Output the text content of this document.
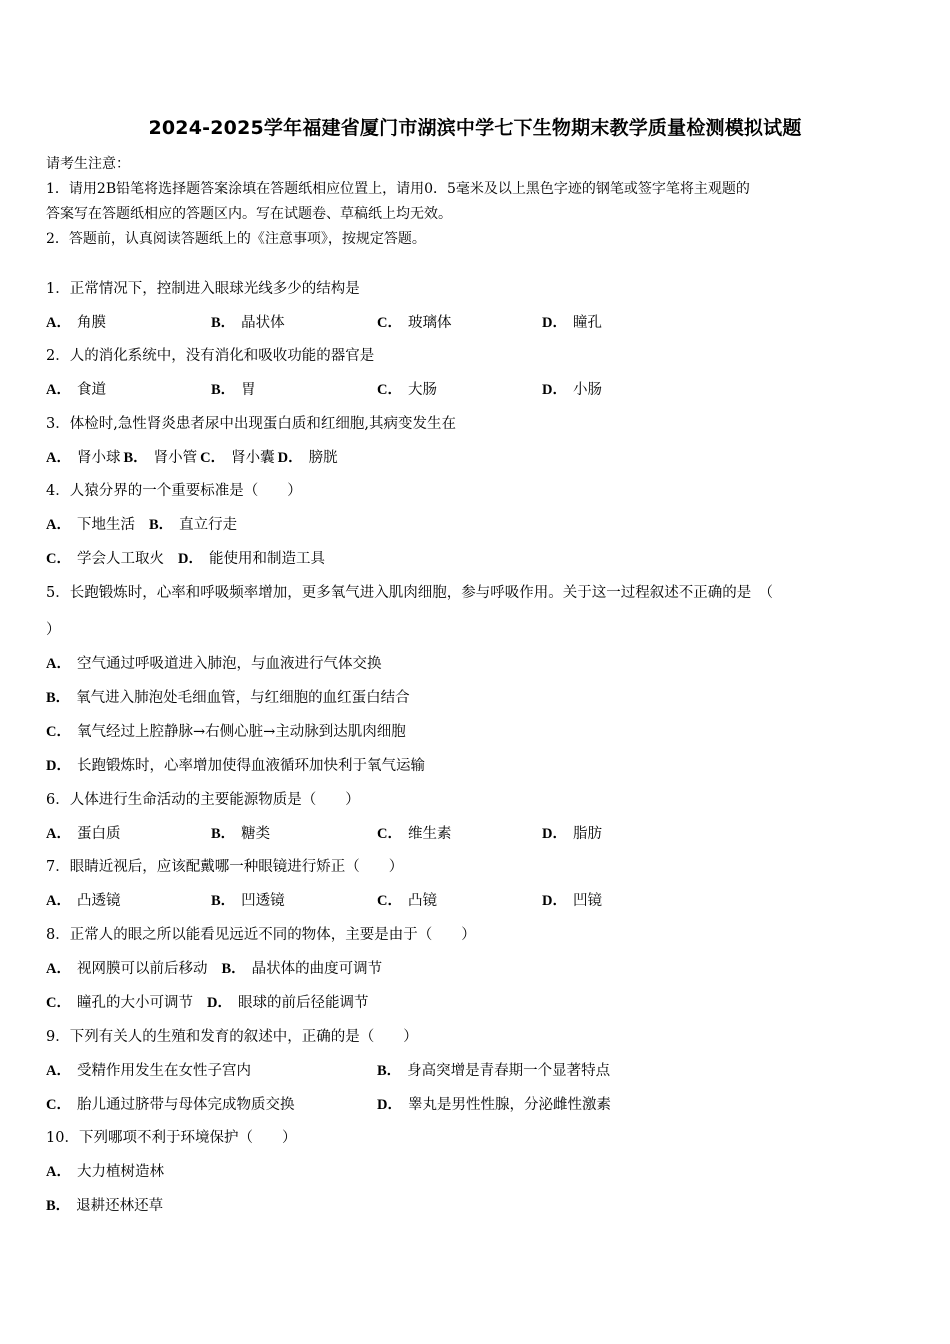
2024-2025学年福建省厦门市湖滨中学七下生物期末教学质量检测模拟试题

请考生注意：

1．请用2B铅笔将选择题答案涂填在答题纸相应位置上，请用0．5毫米及以上黑色字迹的钢笔或签字笔将主观题的

答案写在答题纸相应的答题区内。写在试题卷、草稿纸上均无效。

2．答题前，认真阅读答题纸上的《注意事项》，按规定答题。

1．正常情况下，控制进入眼球光线多少的结构是
A． 角膜	B． 晶状体	C． 玻璃体	D． 瞳孔
2．人的消化系统中，没有消化和吸收功能的器官是
A． 食道	B． 胃	C． 大肠	D． 小肠
3．体检时,急性肾炎患者尿中出现蛋白质和红细胞,其病变发生在
A． 肾小球 B． 肾小管 C． 肾小囊 D． 膀胱
4．人猿分界的一个重要标准是（　　）
A． 下地生活 B． 直立行走
C． 学会人工取火 D． 能使用和制造工具
5．长跑锻炼时，心率和呼吸频率增加，更多氧气进入肌肉细胞，参与呼吸作用。关于这一过程叙述不正确的是　（
）
A． 空气通过呼吸道进入肺泡，与血液进行气体交换
B． 氧气进入肺泡处毛细血管，与红细胞的血红蛋白结合
C． 氧气经过上腔静脉→右侧心脏→主动脉到达肌肉细胞
D． 长跑锻炼时，心率增加使得血液循环加快利于氧气运输
6．人体进行生命活动的主要能源物质是（　　）
A． 蛋白质	B． 糖类	C． 维生素	D． 脂肪
7．眼睛近视后，应该配戴哪一种眼镜进行矫正（　　）
A． 凸透镜	B． 凹透镜	C． 凸镜	D． 凹镜
8．正常人的眼之所以能看见远近不同的物体，主要是由于（　　）
A． 视网膜可以前后移动 B． 晶状体的曲度可调节
C． 瞳孔的大小可调节 D． 眼球的前后径能调节
9．下列有关人的生殖和发育的叙述中，正确的是（　　）
A． 受精作用发生在女性子宫内	B． 身高突增是青春期一个显著特点
C． 胎儿通过脐带与母体完成物质交换	D． 睾丸是男性性腺，分泌雌性激素
10．下列哪项不利于环境保护（　　）
A． 大力植树造林
B． 退耕还林还草
